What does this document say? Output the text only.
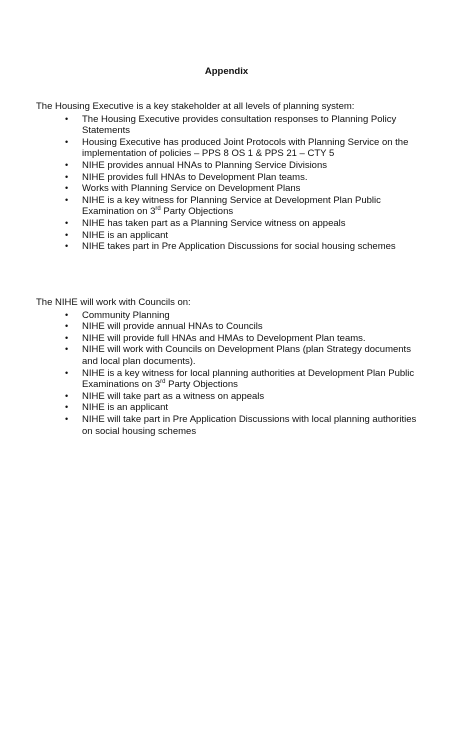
Appendix
The Housing Executive is a key stakeholder at all levels of planning system:
• The Housing Executive provides consultation responses to Planning Policy Statements
• Housing Executive has produced Joint Protocols with Planning Service on the implementation of policies – PPS 8 OS 1 & PPS 21 – CTY 5
• NIHE provides annual HNAs to Planning Service Divisions
• NIHE provides full HNAs to Development Plan teams.
• Works with Planning Service on Development Plans
• NIHE is a key witness for Planning Service at Development Plan Public Examination on 3rd Party Objections
• NIHE has taken part as a Planning Service witness on appeals
• NIHE is an applicant
• NIHE takes part in Pre Application Discussions for social housing schemes
The NIHE will work with Councils on:
• Community Planning
• NIHE will provide annual HNAs to Councils
• NIHE will provide full HNAs and HMAs to Development Plan teams.
• NIHE will work with Councils on Development Plans (plan Strategy documents and local plan documents).
• NIHE is a key witness for local planning authorities at Development Plan Public Examinations on 3rd Party Objections
• NIHE will take part as a witness on appeals
• NIHE is an applicant
• NIHE will take part in Pre Application Discussions with local planning authorities on social housing schemes
